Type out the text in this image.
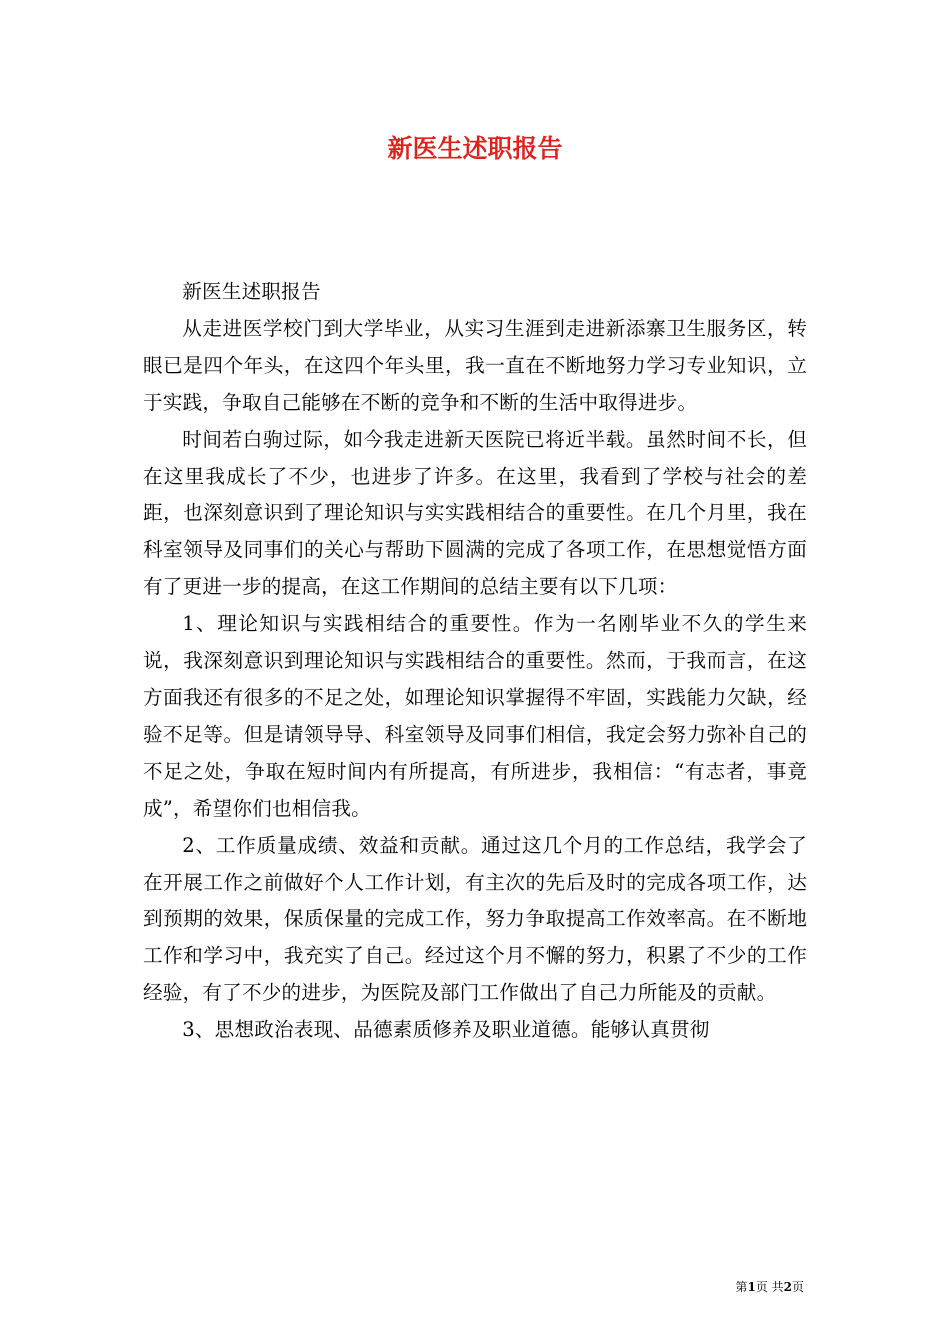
新医生述职报告

新医生述职报告

从走进医学校门到大学毕业，从实习生涯到走进新添寨卫生服务区，转眼已是四个年头，在这四个年头里，我一直在不断地努力学习专业知识，立于实践，争取自己能够在不断的竞争和不断的生活中取得进步。

时间若白驹过际，如今我走进新天医院已将近半载。虽然时间不长，但在这里我成长了不少，也进步了许多。在这里，我看到了学校与社会的差距，也深刻意识到了理论知识与实实践相结合的重要性。在几个月里，我在科室领导及同事们的关心与帮助下圆满的完成了各项工作，在思想觉悟方面有了更进一步的提高，在这工作期间的总结主要有以下几项：

1、理论知识与实践相结合的重要性。作为一名刚毕业不久的学生来说，我深刻意识到理论知识与实践相结合的重要性。然而，于我而言，在这方面我还有很多的不足之处，如理论知识掌握得不牢固，实践能力欠缺，经验不足等。但是请领导导、科室领导及同事们相信，我定会努力弥补自己的不足之处，争取在短时间内有所提高，有所进步，我相信：“有志者，事竟成”，希望你们也相信我。

2、工作质量成绩、效益和贡献。通过这几个月的工作总结，我学会了在开展工作之前做好个人工作计划，有主次的先后及时的完成各项工作，达到预期的效果，保质保量的完成工作，努力争取提高工作效率高。在不断地工作和学习中，我充实了自己。经过这个月不懈的努力，积累了不少的工作经验，有了不少的进步，为医院及部门工作做出了自己力所能及的贡献。

3、思想政治表现、品德素质修养及职业道德。能够认真贯彻

第1页 共2页
